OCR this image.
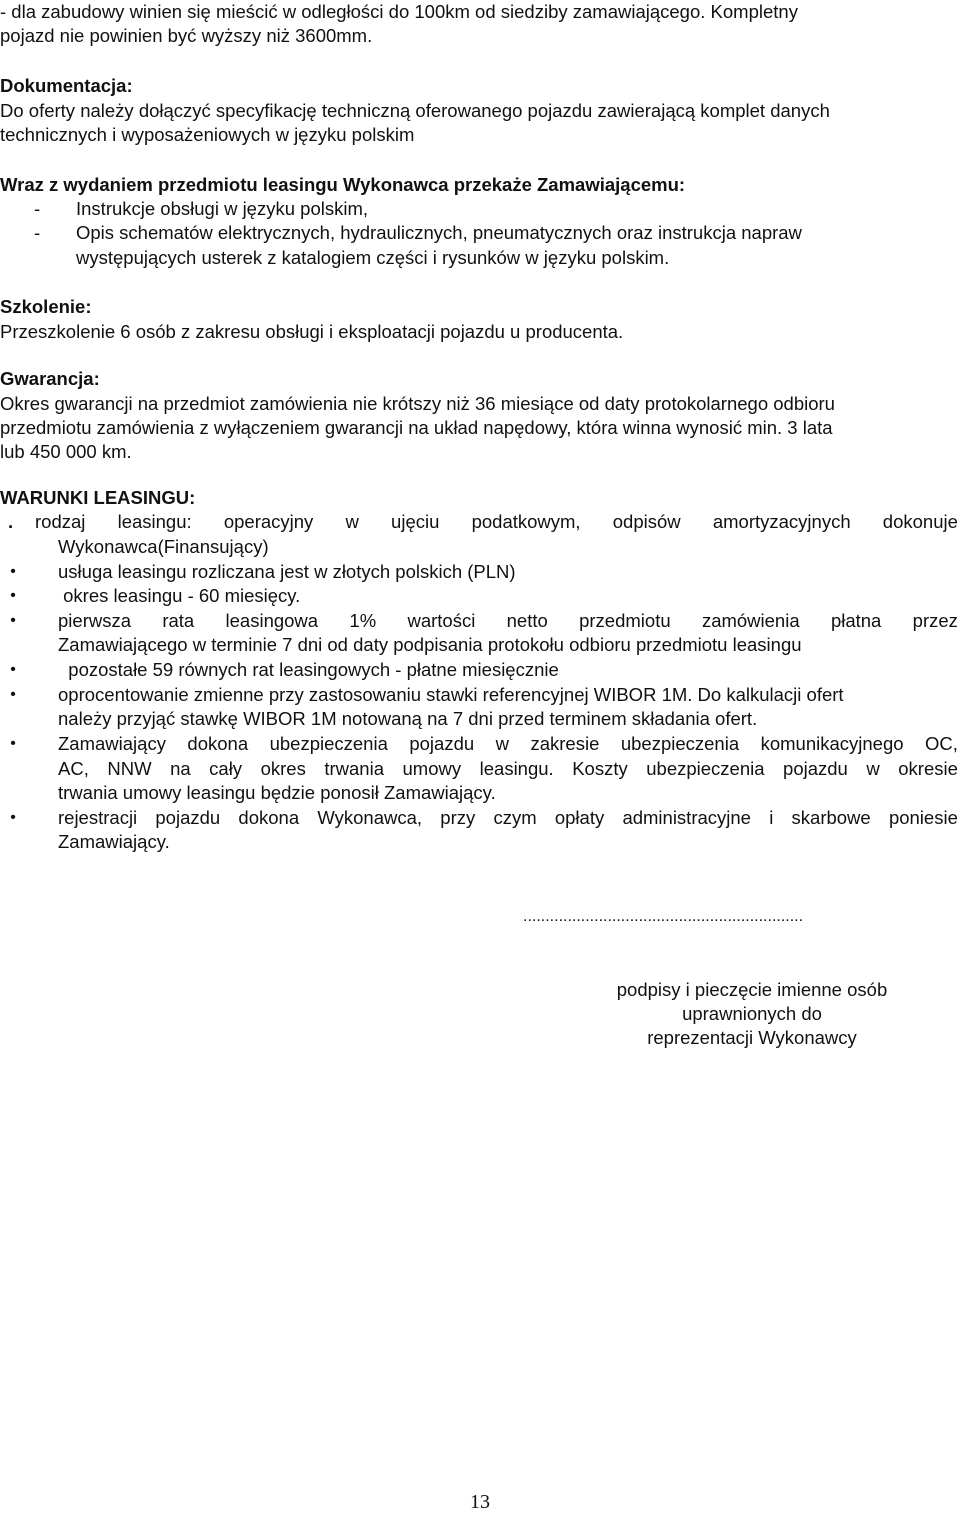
- dla zabudowy winien się mieścić w odległości do 100km od siedziby zamawiającego. Kompletny
pojazd nie powinien być wyższy niż 3600mm.
Dokumentacja:
Do oferty należy dołączyć specyfikację techniczną oferowanego pojazdu zawierającą komplet danych
technicznych i wyposażeniowych w języku polskim
Wraz z wydaniem przedmiotu leasingu Wykonawca przekaże Zamawiającemu:
- Instrukcje obsługi w języku polskim,
- Opis schematów elektrycznych, hydraulicznych, pneumatycznych oraz instrukcja napraw
występujących usterek z katalogiem części i rysunków w języku polskim.
Szkolenie:
Przeszkolenie 6 osób z zakresu obsługi i eksploatacji pojazdu u producenta.
Gwarancja:
Okres gwarancji na przedmiot zamówienia nie krótszy niż 36 miesiące od daty protokolarnego odbioru
przedmiotu zamówienia z wyłączeniem gwarancji na układ napędowy, która winna wynosić min. 3 lata
lub 450 000 km.
WARUNKI LEASINGU:
. rodzaj leasingu: operacyjny w ujęciu podatkowym, odpisów amortyzacyjnych dokonuje
Wykonawca(Finansujący)
• usługa leasingu rozliczana jest w złotych polskich (PLN)
• okres leasingu - 60 miesięcy.
• pierwsza rata leasingowa 1% wartości netto przedmiotu zamówienia płatna przez
Zamawiającego w terminie 7 dni od daty podpisania protokołu odbioru przedmiotu leasingu
• pozostałe 59 równych rat leasingowych - płatne miesięcznie
• oprocentowanie zmienne przy zastosowaniu stawki referencyjnej WIBOR 1M. Do kalkulacji ofert
należy przyjąć stawkę WIBOR 1M notowaną na 7 dni przed terminem składania ofert.
• Zamawiający dokona ubezpieczenia pojazdu w zakresie ubezpieczenia komunikacyjnego OC,
AC, NNW na cały okres trwania umowy leasingu. Koszty ubezpieczenia pojazdu w okresie
trwania umowy leasingu będzie ponosił Zamawiający.
• rejestracji pojazdu dokona Wykonawca, przy czym opłaty administracyjne i skarbowe poniesie
Zamawiający.
...............................................................
podpisy i pieczęcie imienne osób
uprawnionych do
reprezentacji Wykonawcy
13
